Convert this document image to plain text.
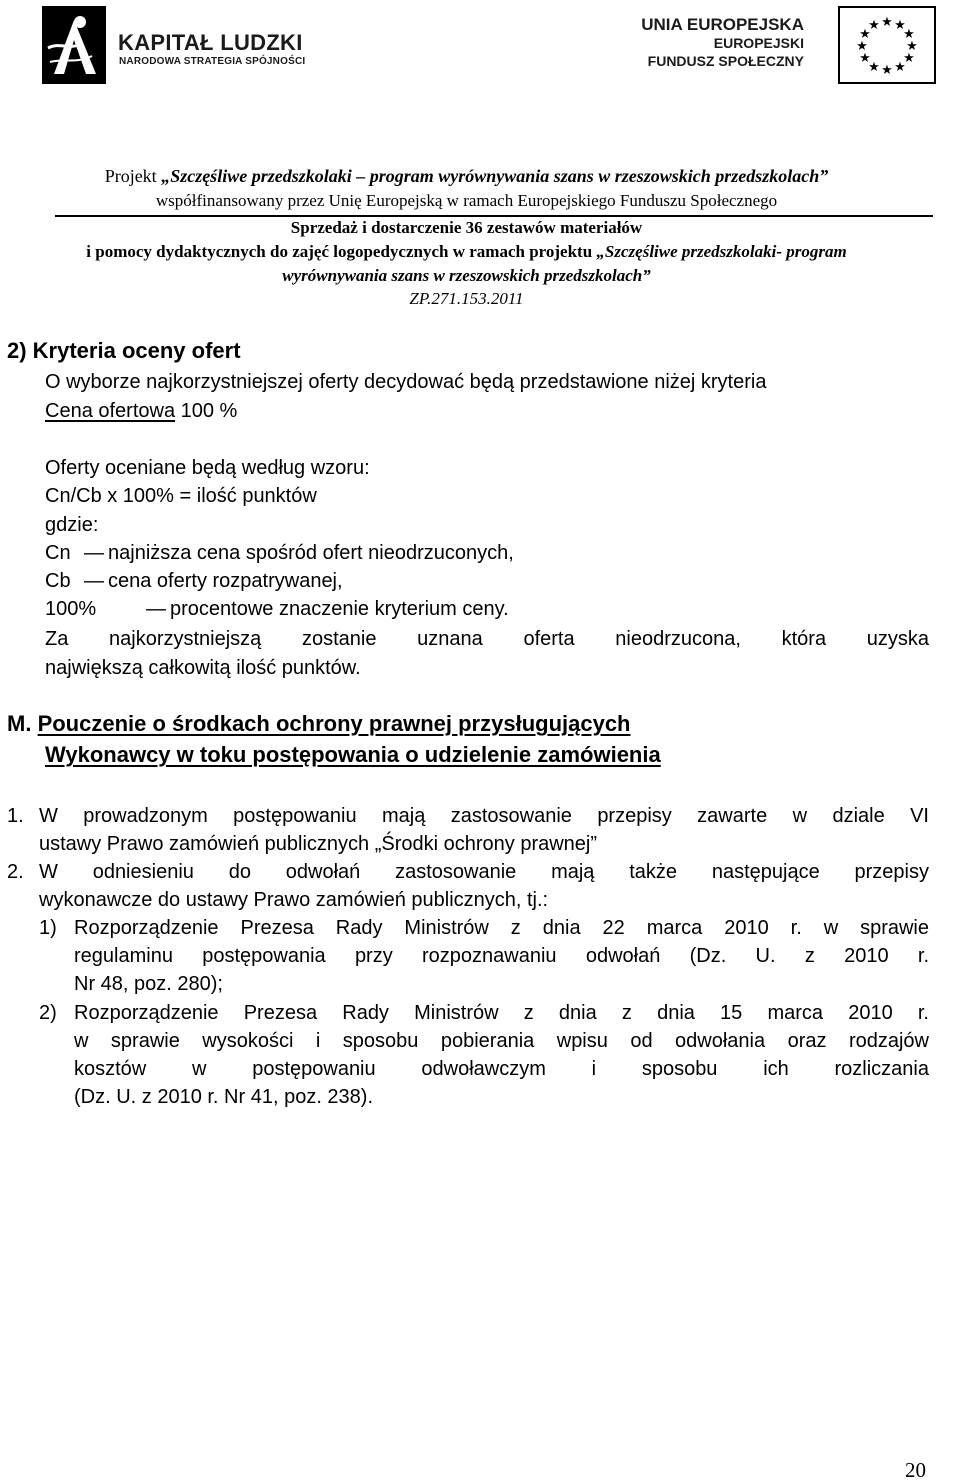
KAPITAŁ LUDZKI
NARODOWA STRATEGIA SPÓJNOŚCI
UNIA EUROPEJSKA
EUROPEJSKI
FUNDUSZ SPOŁECZNY
★ ★
★
★
★
★
★
★
★
★
★
★
Projekt „Szczęśliwe przedszkolaki – program wyrównywania szans w rzeszowskich przedszkolach”
współfinansowany przez Unię Europejską w ramach Europejskiego Funduszu Społecznego
Sprzedaż i dostarczenie 36 zestawów materiałów
i pomocy dydaktycznych do zajęć logopedycznych w ramach projektu „Szczęśliwe przedszkolaki- program
wyrównywania szans w rzeszowskich przedszkolach”
ZP.271.153.2011
2) Kryteria oceny ofert
O wyborze najkorzystniejszej oferty decydować będą przedstawione niżej kryteria
Cena ofertowa 100 %
Oferty oceniane będą według wzoru:
Cn/Cb x 100% = ilość punktów
gdzie:
Cn — najniższa cena spośród ofert nieodrzuconych,
Cb — cena oferty rozpatrywanej,
100% — procentowe znaczenie kryterium ceny.
Za najkorzystniejszą zostanie uznana oferta nieodrzucona, która uzyska
największą całkowitą ilość punktów.
M. Pouczenie o środkach ochrony prawnej przysługujących
Wykonawcy w toku postępowania o udzielenie zamówienia
1. W prowadzonym postępowaniu mają zastosowanie przepisy zawarte w dziale VI
ustawy Prawo zamówień publicznych „Środki ochrony prawnej”
2. W odniesieniu do odwołań zastosowanie mają także następujące przepisy
wykonawcze do ustawy Prawo zamówień publicznych, tj.:
1) Rozporządzenie Prezesa Rady Ministrów z dnia 22 marca 2010 r. w sprawie
regulaminu postępowania przy rozpoznawaniu odwołań (Dz. U. z 2010 r.
Nr 48, poz. 280);
2) Rozporządzenie Prezesa Rady Ministrów z dnia z dnia 15 marca 2010 r.
w sprawie wysokości i sposobu pobierania wpisu od odwołania oraz rodzajów
kosztów w postępowaniu odwoławczym i sposobu ich rozliczania
(Dz. U. z 2010 r. Nr 41, poz. 238).
20
